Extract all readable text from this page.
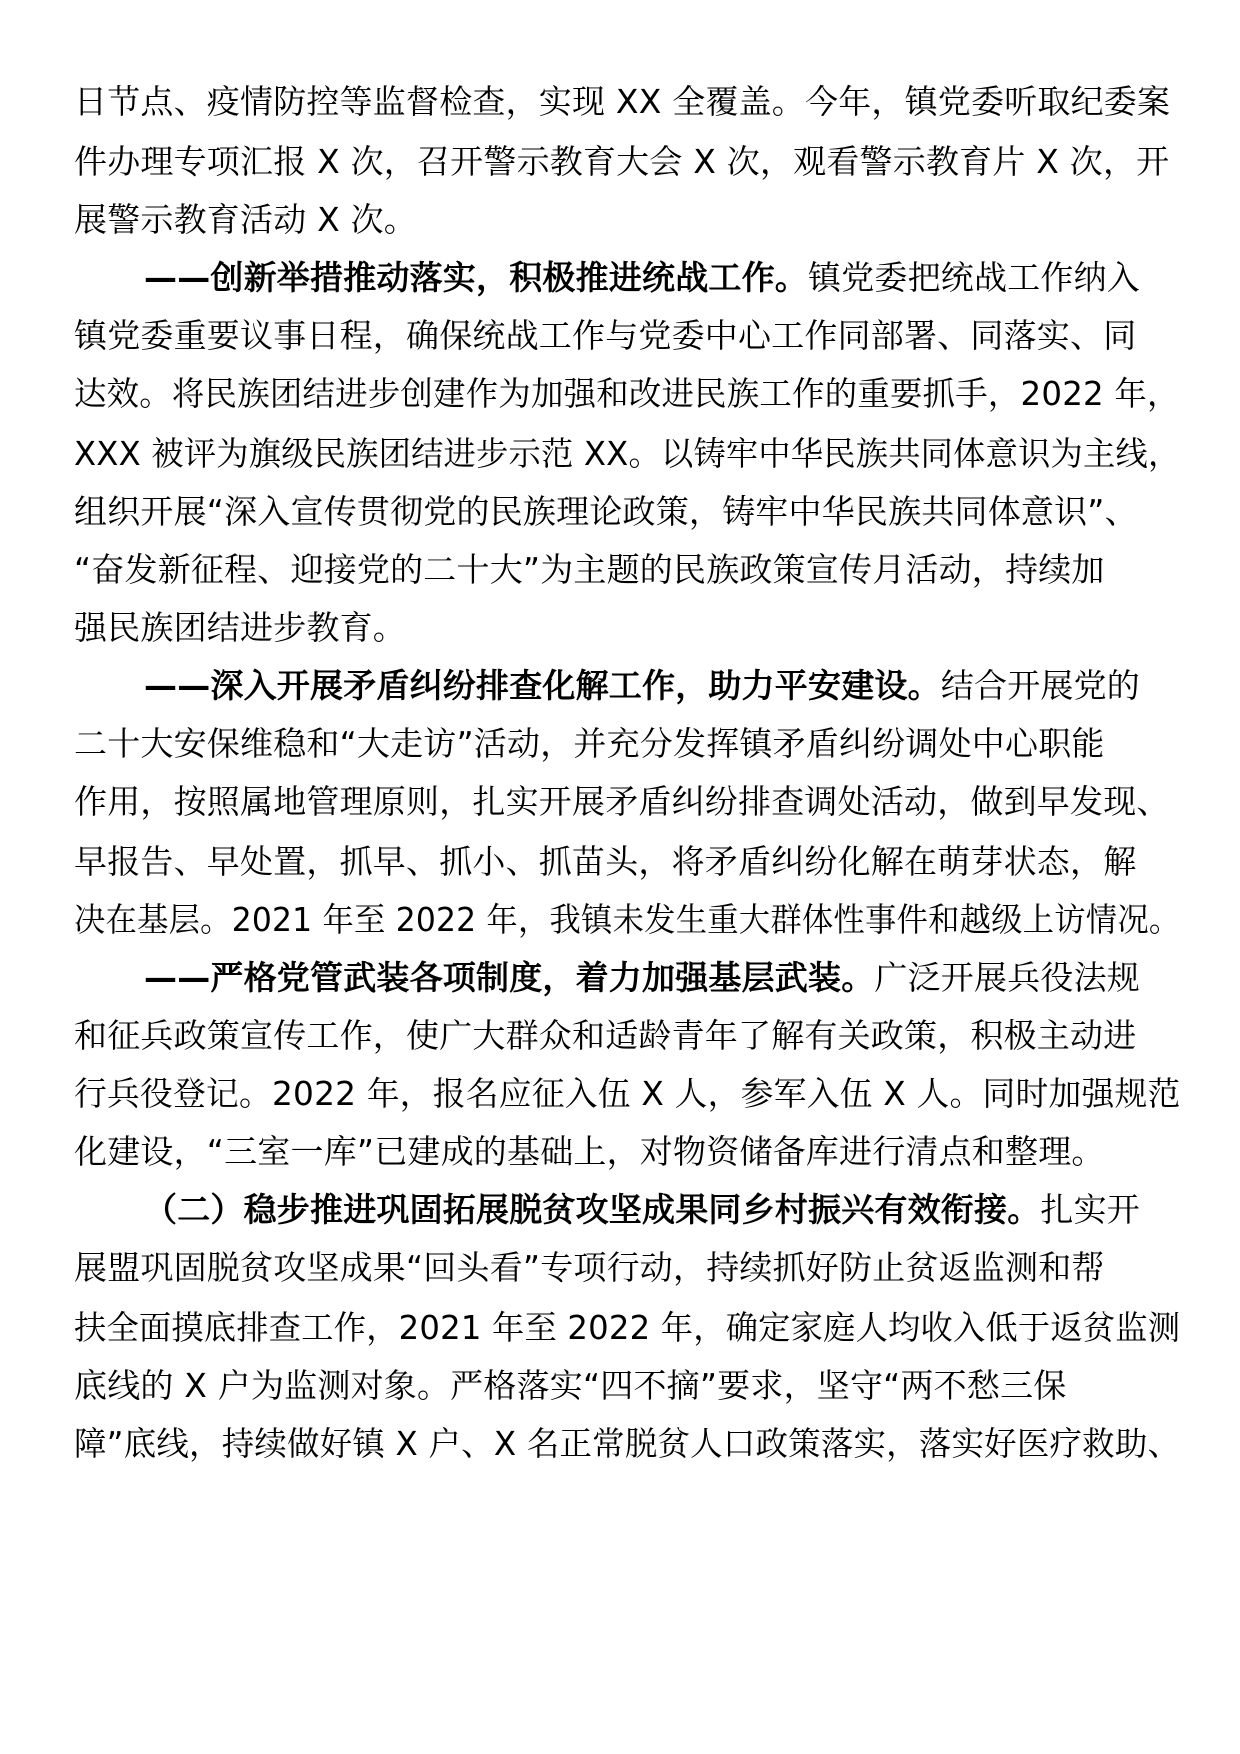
日节点、疫情防控等监督检查，实现 XX 全覆盖。今年，镇党委听取纪委案
件办理专项汇报 X 次，召开警示教育大会 X 次，观看警示教育片 X 次，开
展警示教育活动 X 次。
——创新举措推动落实，积极推进统战工作。镇党委把统战工作纳入
镇党委重要议事日程，确保统战工作与党委中心工作同部署、同落实、同
达效。将民族团结进步创建作为加强和改进民族工作的重要抓手，2022 年，
XXX 被评为旗级民族团结进步示范 XX。以铸牢中华民族共同体意识为主线，
组织开展“深入宣传贯彻党的民族理论政策，铸牢中华民族共同体意识”、
“奋发新征程、迎接党的二十大”为主题的民族政策宣传月活动，持续加
强民族团结进步教育。
——深入开展矛盾纠纷排查化解工作，助力平安建设。结合开展党的
二十大安保维稳和“大走访”活动，并充分发挥镇矛盾纠纷调处中心职能
作用，按照属地管理原则，扎实开展矛盾纠纷排查调处活动，做到早发现、
早报告、早处置，抓早、抓小、抓苗头，将矛盾纠纷化解在萌芽状态，解
决在基层。2021 年至 2022 年，我镇未发生重大群体性事件和越级上访情况。
——严格党管武装各项制度，着力加强基层武装。广泛开展兵役法规
和征兵政策宣传工作，使广大群众和适龄青年了解有关政策，积极主动进
行兵役登记。2022 年，报名应征入伍 X 人，参军入伍 X 人。同时加强规范
化建设，“三室一库”已建成的基础上，对物资储备库进行清点和整理。
（二）稳步推进巩固拓展脱贫攻坚成果同乡村振兴有效衔接。扎实开
展盟巩固脱贫攻坚成果“回头看”专项行动，持续抓好防止贫返监测和帮
扶全面摸底排查工作，2021 年至 2022 年，确定家庭人均收入低于返贫监测
底线的 X 户为监测对象。严格落实“四不摘”要求，坚守“两不愁三保
障”底线，持续做好镇 X 户、X 名正常脱贫人口政策落实，落实好医疗救助、
